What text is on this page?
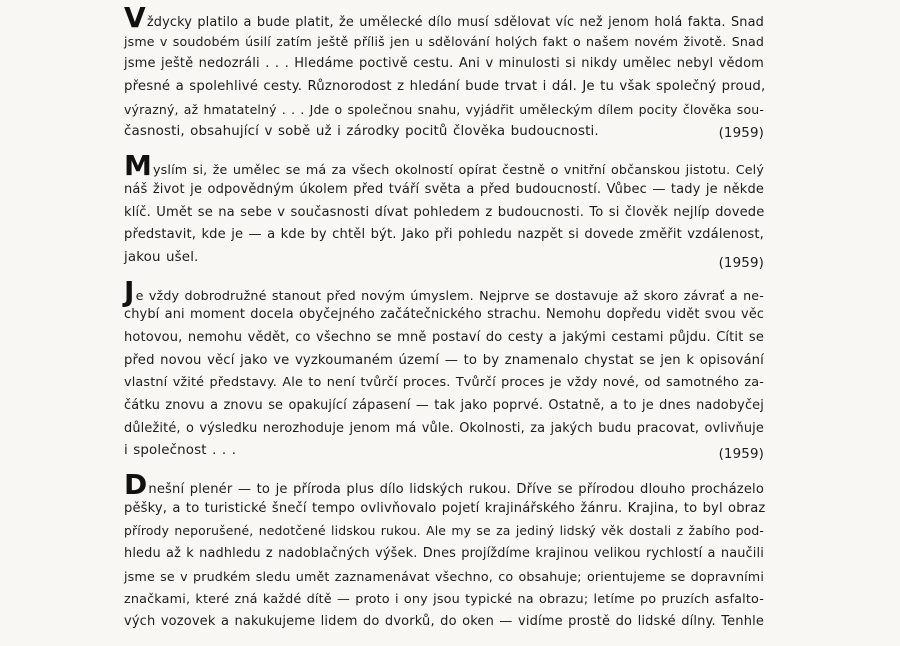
Vždycky platilo a bude platit, že umělecké dílo musí sdělovat víc než jenom holá fakta. Snad
jsme v soudobém úsilí zatím ještě příliš jen u sdělování holých fakt o našem novém životě. Snad
jsme ještě nedozráli . . . Hledáme poctivě cestu. Ani v minulosti si nikdy umělec nebyl vědom
přesné a spolehlivé cesty. Různorodost z hledání bude trvat i dál. Je tu však společný proud,
výrazný, až hmatatelný . . . Jde o společnou snahu, vyjádřit uměleckým dílem pocity člověka sou-
časnosti, obsahující v sobě už i zárodky pocitů člověka budoucnosti.	(1959)
Myslím si, že umělec se má za všech okolností opírat čestně o vnitřní občanskou jistotu. Celý
náš život je odpovědným úkolem před tváří světa a před budoucností. Vůbec — tady je někde
klíč. Umět se na sebe v současnosti dívat pohledem z budoucnosti. To si člověk nejlíp dovede
představit, kde je — a kde by chtěl být. Jako při pohledu nazpět si dovede změřit vzdálenost,
jakou ušel.	(1959)
Je vždy dobrodružné stanout před novým úmyslem. Nejprve se dostavuje až skoro závrať a ne-
chybí ani moment docela obyčejného začátečnického strachu. Nemohu dopředu vidět svou věc
hotovou, nemohu vědět, co všechno se mně postaví do cesty a jakými cestami půjdu. Cítit se
před novou věcí jako ve vyzkoumaném území — to by znamenalo chystat se jen k opisování
vlastní vžité představy. Ale to není tvůrčí proces. Tvůrčí proces je vždy nové, od samotného za-
čátku znovu a znovu se opakující zápasení — tak jako poprvé. Ostatně, a to je dnes nadobyčej
důležité, o výsledku nerozhoduje jenom má vůle. Okolnosti, za jakých budu pracovat, ovlivňuje
i společnost . . .	(1959)
Dnešní plenér — to je příroda plus dílo lidských rukou. Dříve se přírodou dlouho procházelo
pěšky, a to turistické šnečí tempo ovlivňovalo pojetí krajinářského žánru. Krajina, to byl obraz
přírody neporušené, nedotčené lidskou rukou. Ale my se za jediný lidský věk dostali z žabího pod-
hledu až k nadhledu z nadoblačných výšek. Dnes projíždíme krajinou velikou rychlostí a naučili
jsme se v prudkém sledu umět zaznamenávat všechno, co obsahuje; orientujeme se dopravními
značkami, které zná každé dítě — proto i ony jsou typické na obrazu; letíme po pruzích asfalto-
vých vozovek a nakukujeme lidem do dvorků, do oken — vidíme prostě do lidské dílny. Tenhle
